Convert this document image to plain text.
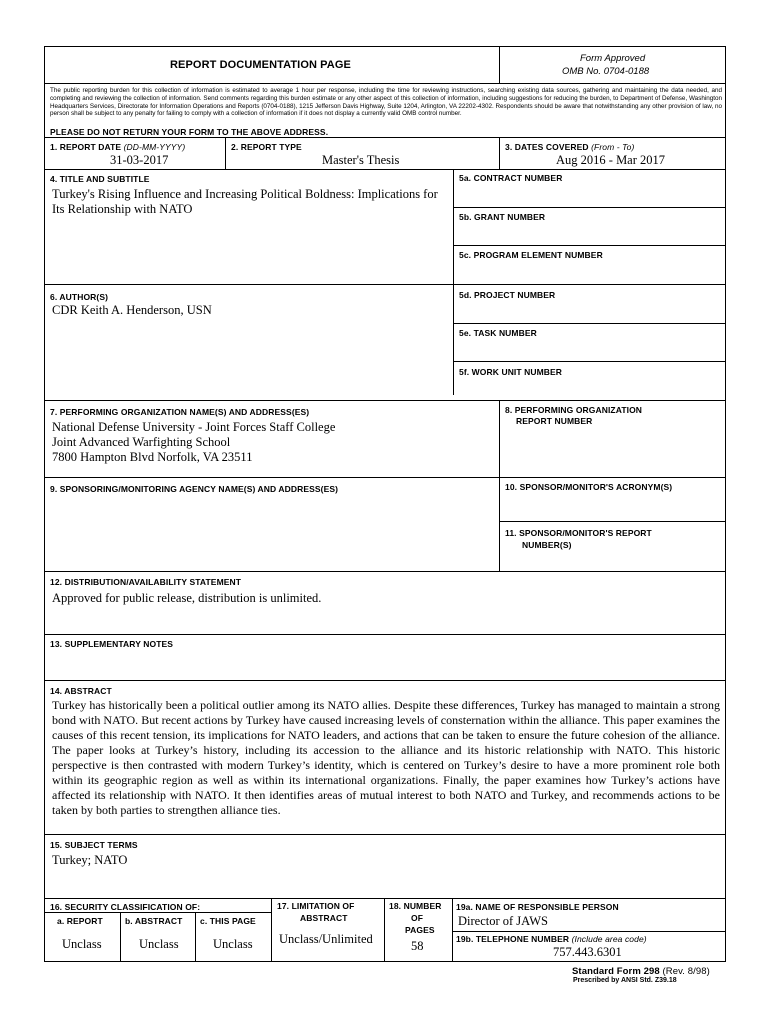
REPORT DOCUMENTATION PAGE
Form Approved
OMB No. 0704-0188
The public reporting burden for this collection of information is estimated to average 1 hour per response, including the time for reviewing instructions, searching existing data sources, gathering and maintaining the data needed, and completing and reviewing the collection of information. Send comments regarding this burden estimate or any other aspect of this collection of information, including suggestions for reducing the burden, to Department of Defense, Washington Headquarters Services, Directorate for Information Operations and Reports (0704-0188), 1215 Jefferson Davis Highway, Suite 1204, Arlington, VA 22202-4302. Respondents should be aware that notwithstanding any other provision of law, no person shall be subject to any penalty for failing to comply with a collection of information if it does not display a currently valid OMB control number.
PLEASE DO NOT RETURN YOUR FORM TO THE ABOVE ADDRESS.
1. REPORT DATE (DD-MM-YYYY)
31-03-2017
2. REPORT TYPE
Master's Thesis
3. DATES COVERED (From - To)
Aug 2016 - Mar 2017
4. TITLE AND SUBTITLE
Turkey's Rising Influence and Increasing Political Boldness: Implications for
Its Relationship with NATO
5a. CONTRACT NUMBER
5b. GRANT NUMBER
5c. PROGRAM ELEMENT NUMBER
6. AUTHOR(S)
CDR Keith A. Henderson, USN
5d. PROJECT NUMBER
5e. TASK NUMBER
5f. WORK UNIT NUMBER
7. PERFORMING ORGANIZATION NAME(S) AND ADDRESS(ES)
National Defense University - Joint Forces Staff College
Joint Advanced Warfighting School
7800 Hampton Blvd Norfolk, VA 23511
8. PERFORMING ORGANIZATION
REPORT NUMBER
9. SPONSORING/MONITORING AGENCY NAME(S) AND ADDRESS(ES)	10. SPONSOR/MONITOR'S ACRONYM(S)
11. SPONSOR/MONITOR'S REPORT
NUMBER(S)
12. DISTRIBUTION/AVAILABILITY STATEMENT
Approved for public release, distribution is unlimited.
13. SUPPLEMENTARY NOTES
14. ABSTRACT
Turkey has historically been a political outlier among its NATO allies. Despite these differences, Turkey has managed to maintain a strong bond with NATO. But recent actions by Turkey have caused increasing levels of consternation within the alliance. This paper examines the causes of this recent tension, its implications for NATO leaders, and actions that can be taken to ensure the future cohesion of the alliance. The paper looks at Turkey’s history, including its accession to the alliance and its historic relationship with NATO. This historic perspective is then contrasted with modern Turkey’s identity, which is centered on Turkey’s desire to have a more prominent role both within its geographic region as well as within its international organizations. Finally, the paper examines how Turkey’s actions have affected its relationship with NATO. It then identifies areas of mutual interest to both NATO and Turkey, and recommends actions to be taken by both parties to strengthen alliance ties.
15. SUBJECT TERMS
Turkey; NATO
16. SECURITY CLASSIFICATION OF:
a. REPORT	b. ABSTRACT c. THIS PAGE
Unclass	Unclass	Unclass
17. LIMITATION OF
ABSTRACT
Unclass/Unlimited
18. NUMBER
OF
PAGES
58
19a. NAME OF RESPONSIBLE PERSON
Director of JAWS
19b. TELEPHONE NUMBER (Include area code)
757.443.6301
Standard Form 298 (Rev. 8/98)
Prescribed by ANSI Std. Z39.18
